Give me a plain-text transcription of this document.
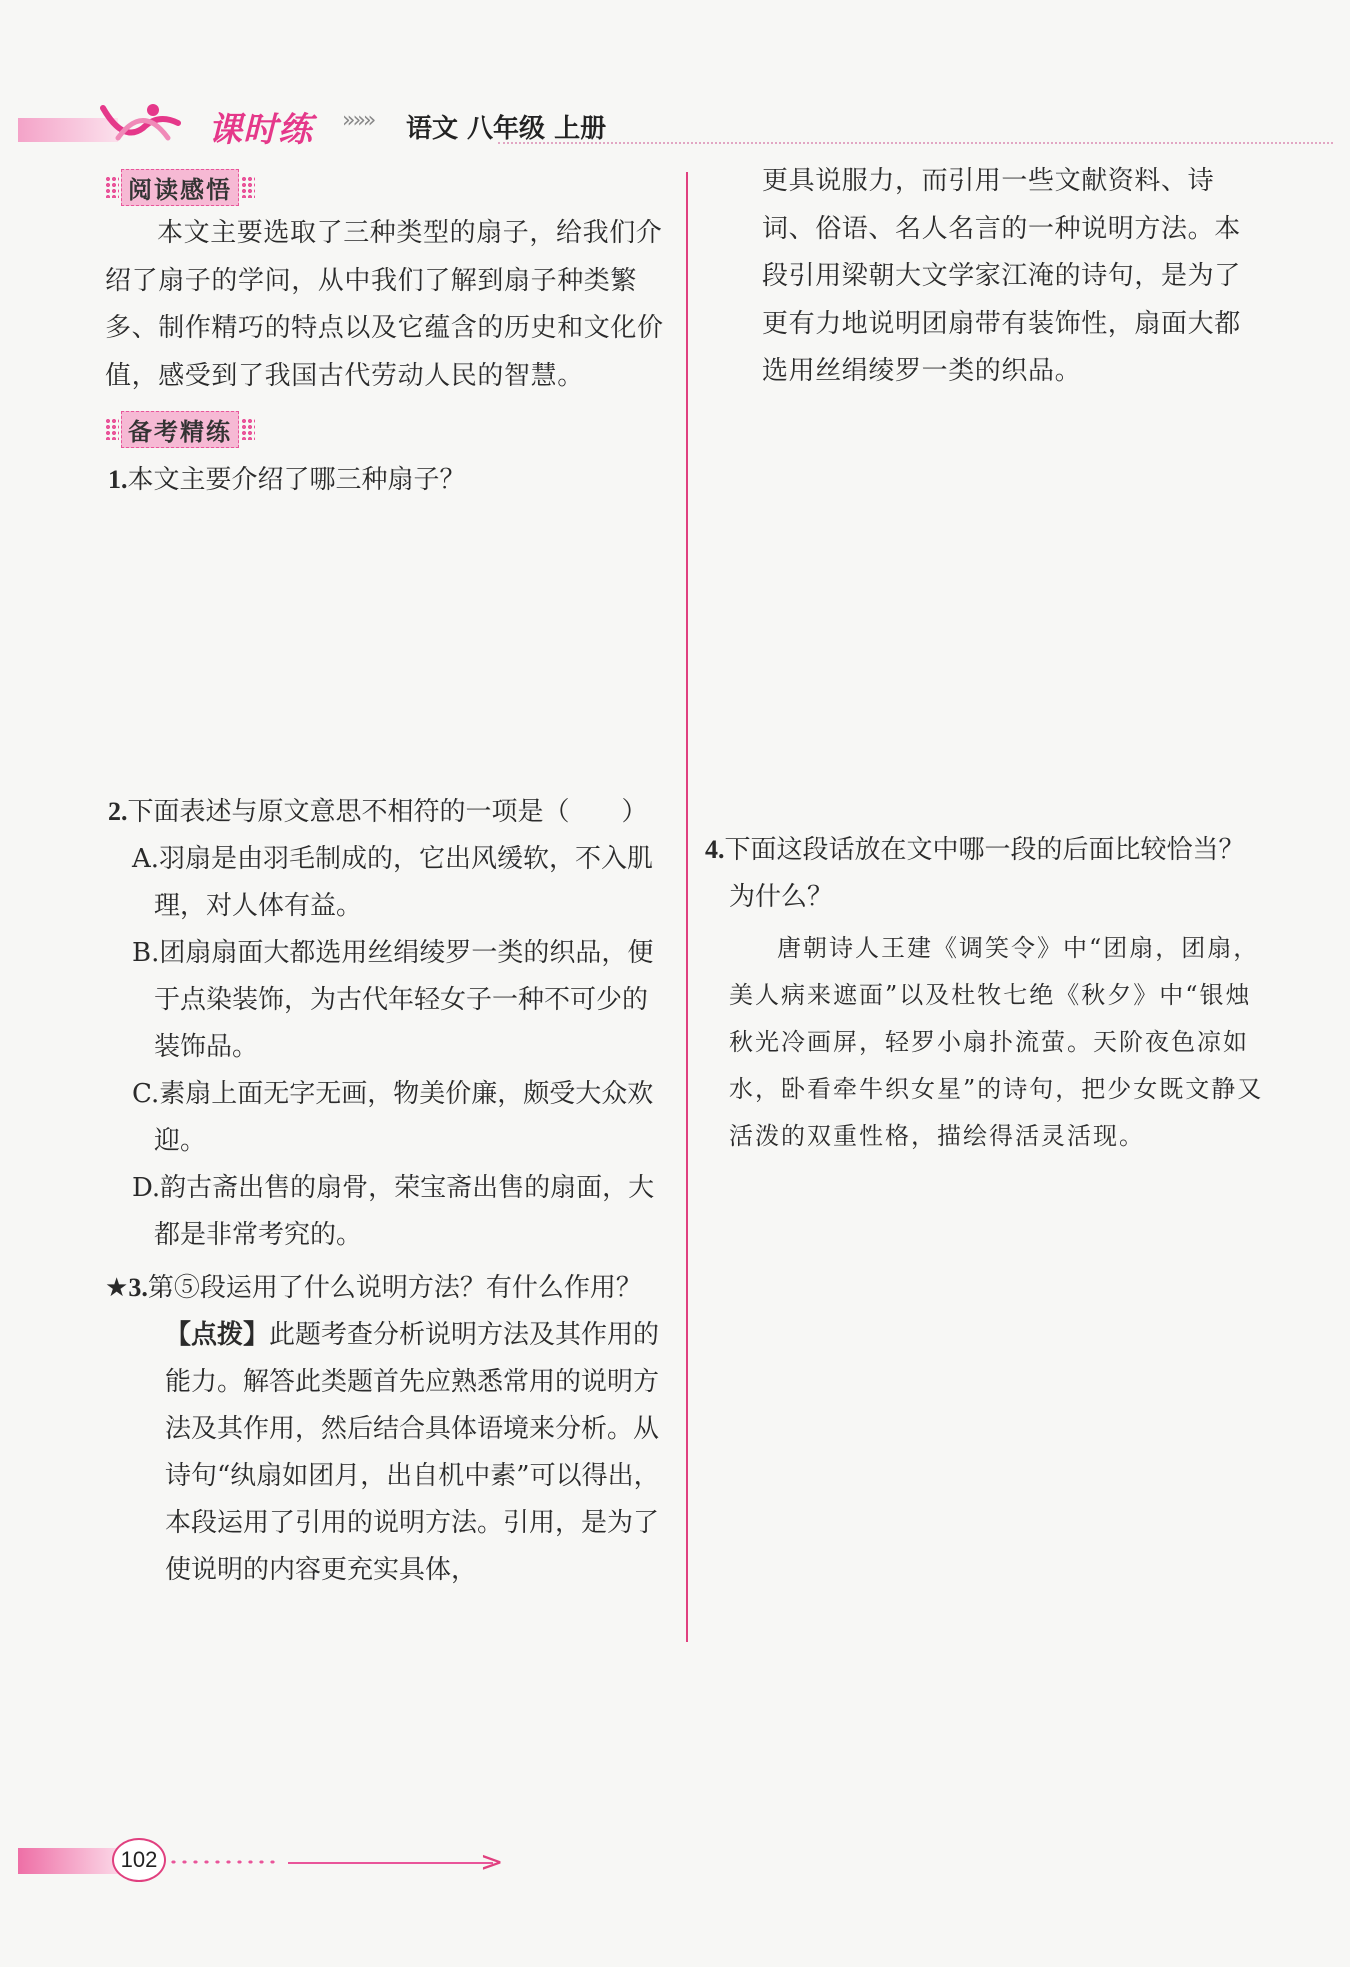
课时练 »»» 语文 八年级 上册
阅读感悟

本文主要选取了三种类型的扇子，给我们介绍了扇子的学问，从中我们了解到扇子种类繁多、制作精巧的特点以及它蕴含的历史和文化价值，感受到了我国古代劳动人民的智慧。

备考精练
1.本文主要介绍了哪三种扇子？
2.下面表述与原文意思不相符的一项是（　　）
A.羽扇是由羽毛制成的，它出风缓软，不入肌理，对人体有益。
B.团扇扇面大都选用丝绢绫罗一类的织品，便于点染装饰，为古代年轻女子一种不可少的装饰品。
C.素扇上面无字无画，物美价廉，颇受大众欢迎。
D.韵古斋出售的扇骨，荣宝斋出售的扇面，大都是非常考究的。
★3.第⑤段运用了什么说明方法？有什么作用？
【点拨】此题考查分析说明方法及其作用的能力。解答此类题首先应熟悉常用的说明方法及其作用，然后结合具体语境来分析。从诗句“纨扇如团月，出自机中素”可以得出，本段运用了引用的说明方法。引用，是为了使说明的内容更充实具体，

更具说服力，而引用一些文献资料、诗词、俗语、名人名言的一种说明方法。本段引用梁朝大文学家江淹的诗句，是为了更有力地说明团扇带有装饰性，扇面大都选用丝绢绫罗一类的织品。

4.下面这段话放在文中哪一段的后面比较恰当？为什么？
唐朝诗人王建《调笑令》中“团扇，团扇，美人病来遮面”以及杜牧七绝《秋夕》中“银烛秋光冷画屏，轻罗小扇扑流萤。天阶夜色凉如水，卧看牵牛织女星”的诗句，把少女既文静又活泼的双重性格，描绘得活灵活现。
102	>
